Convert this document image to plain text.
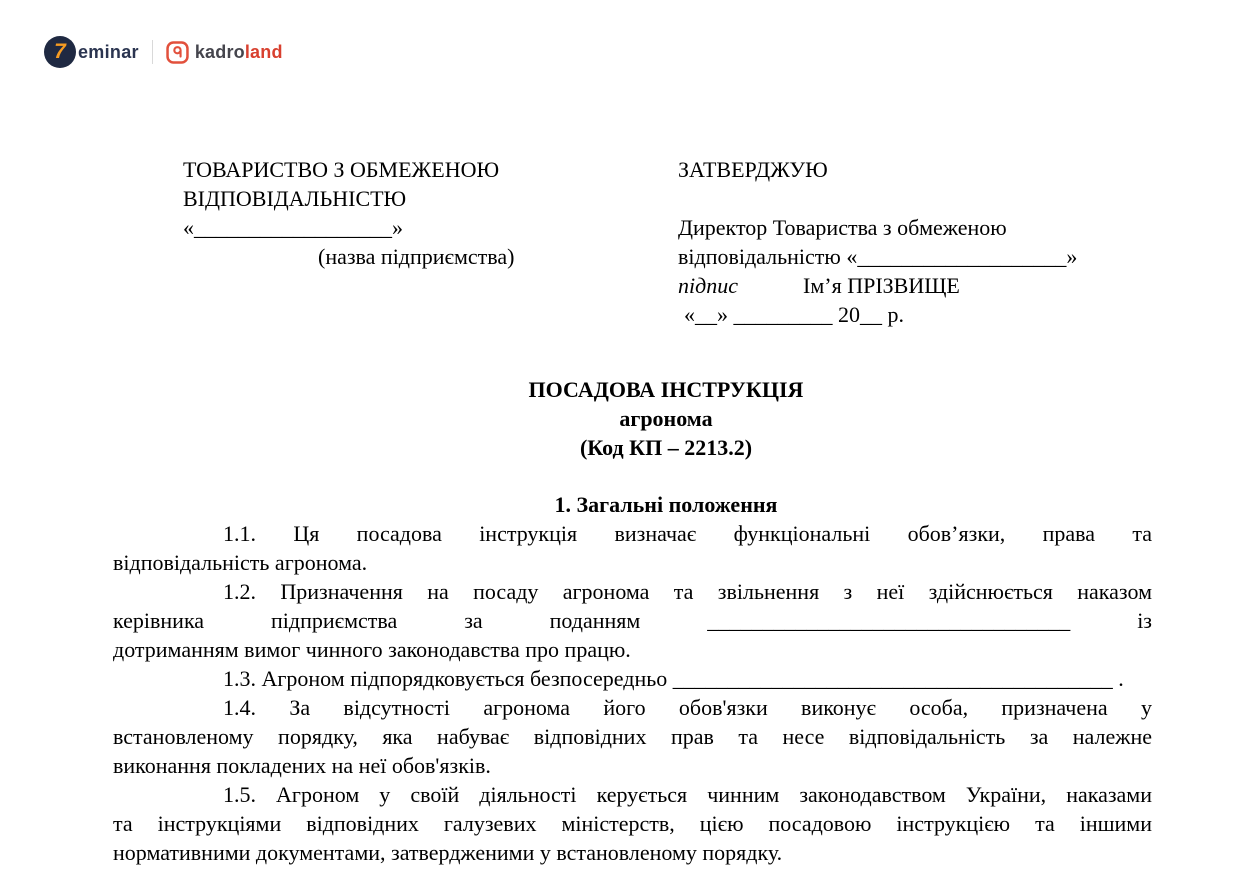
7 eminar	kadro land
ТОВАРИСТВО З ОБМЕЖЕНОЮ ВІДПОВІДАЛЬНІСТЮ
«__________________»
(назва підприємства)
ЗАТВЕРДЖУЮ
Директор Товариства з обмеженою відповідальністю «___________________»
підпис	Ім’я ПРІЗВИЩЕ
«__» _________ 20__ р.
ПОСАДОВА ІНСТРУКЦІЯ
агронома
(Код КП – 2213.2)
1. Загальні положення
1.1. Ця посадова інструкція визначає функціональні обов’язки, права та
відповідальність агронома.
1.2. Призначення на посаду агронома та звільнення з неї здійснюється наказом
керівника підприємства за поданням _________________________________ із
дотриманням вимог чинного законодавства про працю.
1.3. Агроном підпорядковується безпосередньо ________________________________________ .
1.4. За відсутності агронома його обов'язки виконує особа, призначена у
встановленому порядку, яка набуває відповідних прав та несе відповідальність за належне
виконання покладених на неї обов'язків.
1.5. Агроном у своїй діяльності керується чинним законодавством України, наказами
та інструкціями відповідних галузевих міністерств, цією посадовою інструкцією та іншими
нормативними документами, затвердженими у встановленому порядку.
